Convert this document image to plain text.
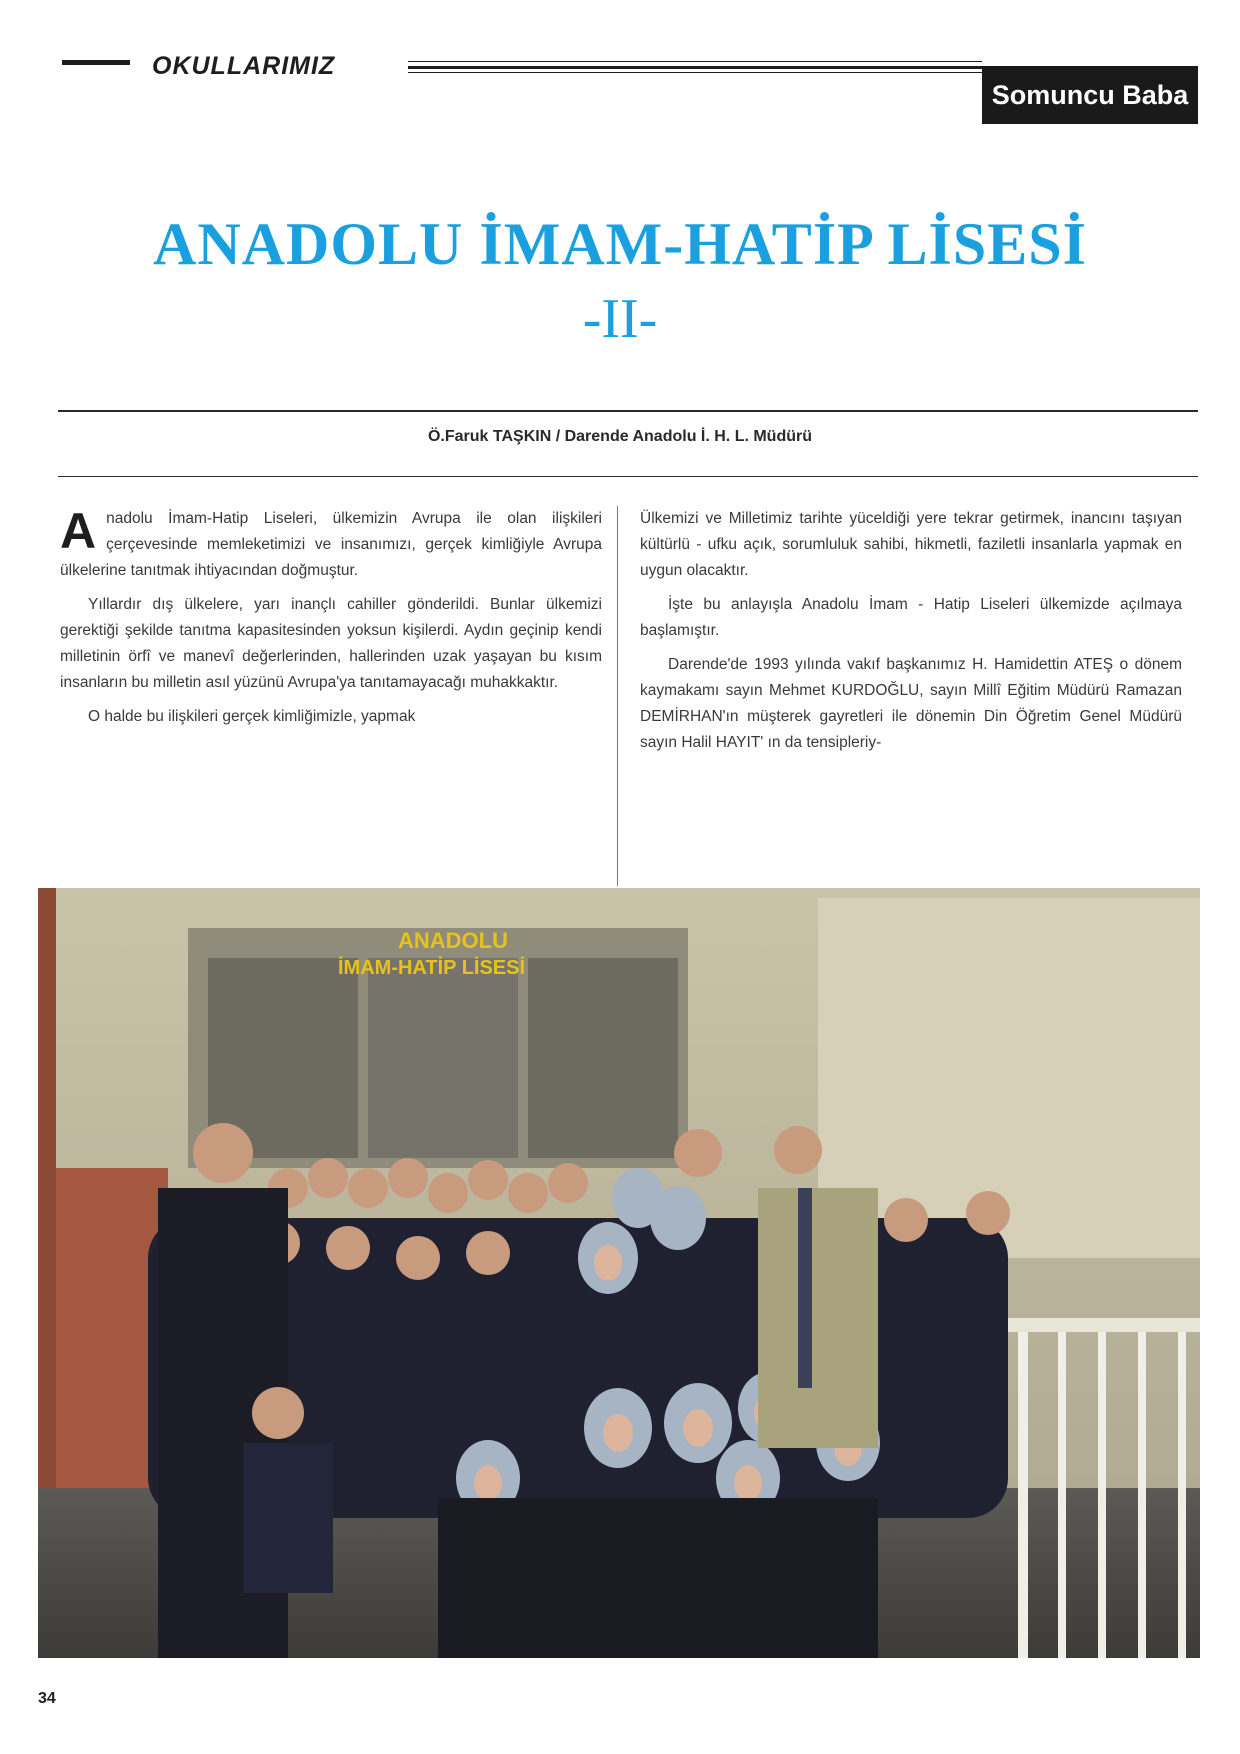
OKULLARIMIZ
Somuncu Baba
ANADOLU İMAM-HATİP LİSESİ
-II-
Ö.Faruk TAŞKIN / Darende Anadolu İ. H. L. Müdürü

Anadolu İmam-Hatip Liseleri, ülkemizin Avrupa ile olan ilişkileri çerçevesinde memleketimizi ve insanımızı, gerçek kimliğiyle Avrupa ülkelerine tanıtmak ihtiyacından doğmuştur.

Yıllardır dış ülkelere, yarı inançlı cahiller gönderildi. Bunlar ülkemizi gerektiği şekilde tanıtma kapasitesinden yoksun kişilerdi. Aydın geçinip kendi milletinin örfî ve manevî değerlerinden, hallerinden uzak yaşayan bu kısım insanların bu milletin asıl yüzünü Avrupa'ya tanıtamayacağı muhakkaktır.

O halde bu ilişkileri gerçek kimliğimizle, yapmak

Ülkemizi ve Milletimiz tarihte yüceldiği yere tekrar getirmek, inancını taşıyan kültürlü - ufku açık, sorumluluk sahibi, hikmetli, faziletli insanlarla yapmak en uygun olacaktır.

İşte bu anlayışla Anadolu İmam - Hatip Liseleri ülkemizde açılmaya başlamıştır.

Darende'de 1993 yılında vakıf başkanımız H. Hamidettin ATEŞ o dönem kaymakamı sayın Mehmet KURDOĞLU, sayın Millî Eğitim Müdürü Ramazan DEMİRHAN'ın müşterek gayretleri ile dönemin Din Öğretim Genel Müdürü sayın Halil HAYIT' ın da tensipleriy-

ANADOLU
İMAM-HATİP LİSESİ
34
